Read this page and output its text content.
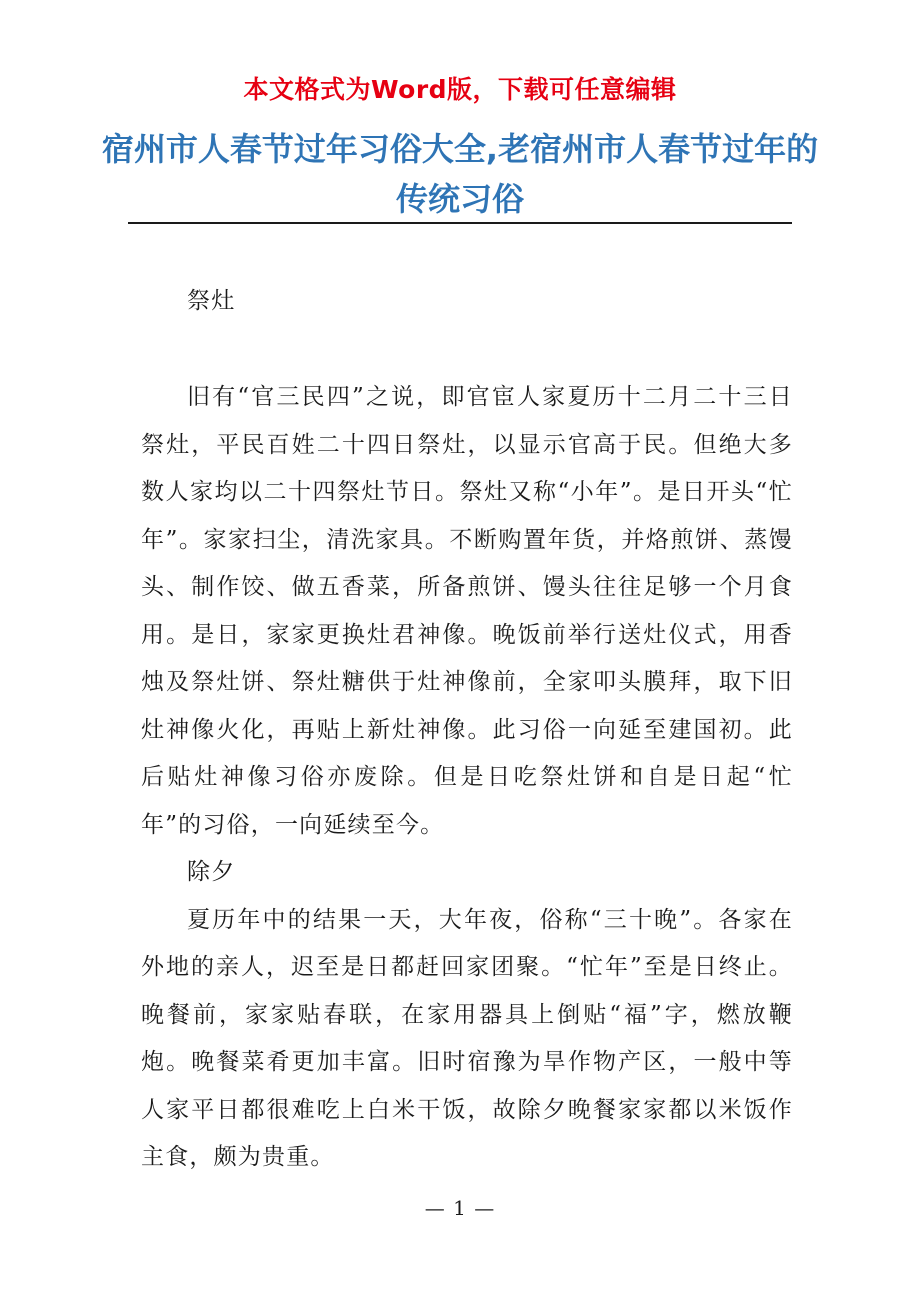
本文格式为Word版，下载可任意编辑
宿州市人春节过年习俗大全,老宿州市人春节过年的传统习俗

祭灶

旧有“官三民四”之说，即官宦人家夏历十二月二十三日祭灶，平民百姓二十四日祭灶，以显示官高于民。但绝大多数人家均以二十四祭灶节日。祭灶又称“小年”。是日开头“忙年”。家家扫尘，清洗家具。不断购置年货，并烙煎饼、蒸馒头、制作饺、做五香菜，所备煎饼、馒头往往足够一个月食用。是日，家家更换灶君神像。晚饭前举行送灶仪式，用香烛及祭灶饼、祭灶糖供于灶神像前，全家叩头膜拜，取下旧灶神像火化，再贴上新灶神像。此习俗一向延至建国初。此后贴灶神像习俗亦废除。但是日吃祭灶饼和自是日起“忙年”的习俗，一向延续至今。

除夕

夏历年中的结果一天，大年夜，俗称“三十晚”。各家在外地的亲人，迟至是日都赶回家团聚。“忙年”至是日终止。晚餐前，家家贴春联，在家用器具上倒贴“福”字，燃放鞭炮。晚餐菜肴更加丰富。旧时宿豫为旱作物产区，一般中等人家平日都很难吃上白米干饭，故除夕晚餐家家都以米饭作主食，颇为贵重。

— 1 —
